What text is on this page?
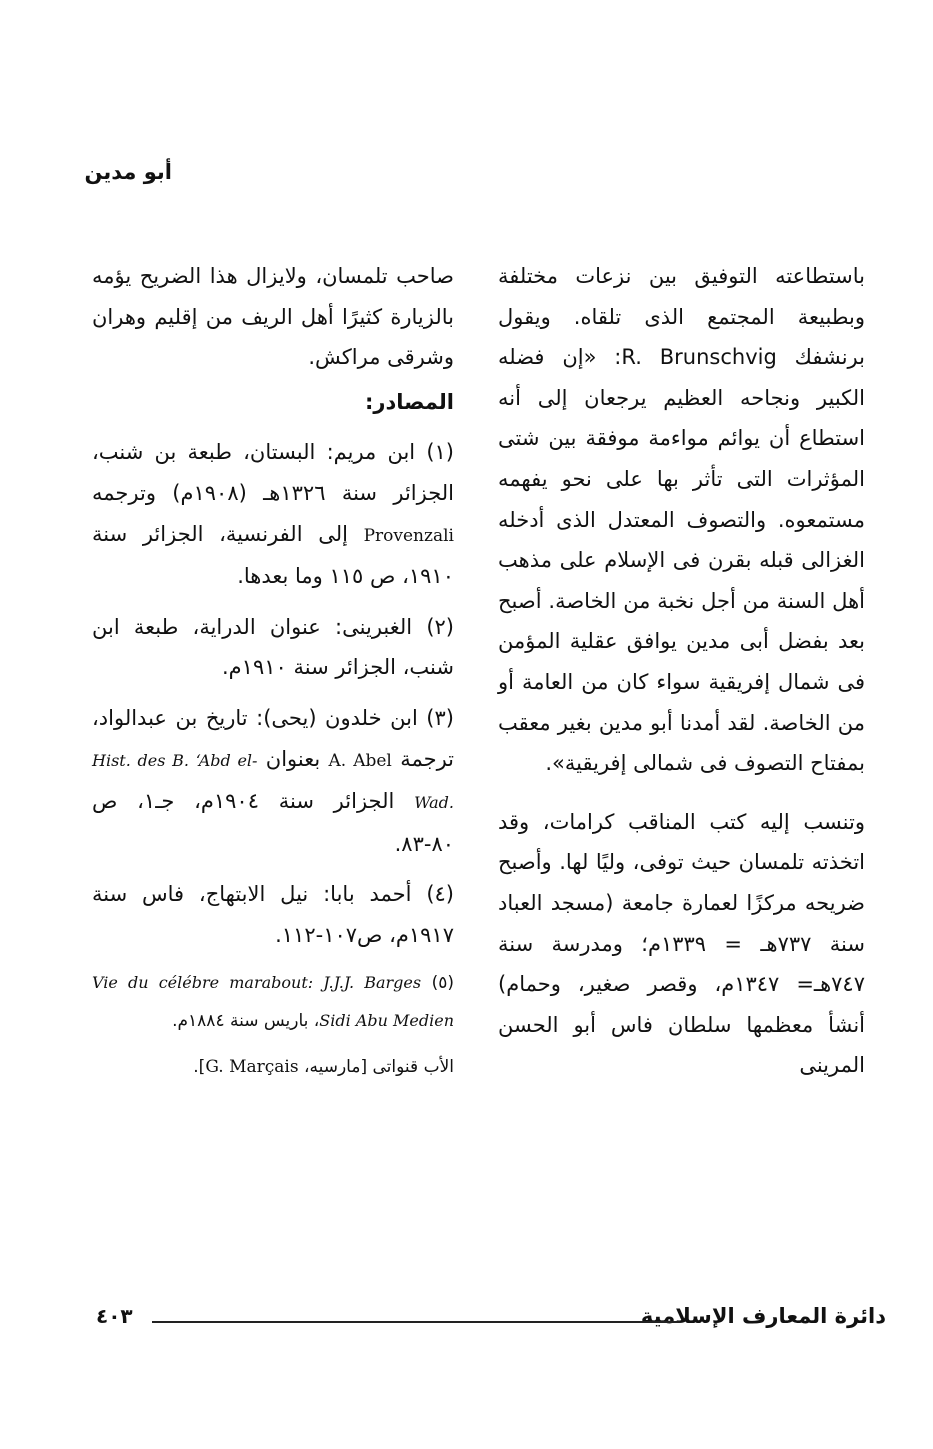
أبو مدين

باستطاعته التوفيق بين نزعات مختلفة وبطبيعة المجتمع الذى تلقاه. ويقول برنشفك R. Brunschvig: «إن فضله الكبير ونجاحه العظيم يرجعان إلى أنه استطاع أن يوائم مواءمة موفقة بين شتى المؤثرات التى تأثر بها على نحو يفهمه مستمعوه. والتصوف المعتدل الذى أدخله الغزالى قبله بقرن فى الإسلام على مذهب أهل السنة من أجل نخبة من الخاصة. أصبح بعد بفضل أبى مدين يوافق عقلية المؤمن فى شمال إفريقية سواء كان من العامة أو من الخاصة. لقد أمدنا أبو مدين بغير معقب بمفتاح التصوف فى شمالى إفريقية».

وتنسب إليه كتب المناقب كرامات، وقد اتخذته تلمسان حيث توفى، وليًا لها. وأصبح ضريحه مركزًا لعمارة جامعة (مسجد العباد سنة ٧٣٧هـ = ١٣٣٩م؛ ومدرسة سنة ٧٤٧هـ= ١٣٤٧م، وقصر صغير، وحمام) أنشأ معظمها سلطان فاس أبو الحسن المرينى

صاحب تلمسان، ولايزال هذا الضريح يؤمه بالزيارة كثيرًا أهل الريف من إقليم وهران وشرقى مراكش.

المصادر:

(١) ابن مريم: البستان، طبعة بن شنب، الجزائر سنة ١٣٢٦هـ (١٩٠٨م) وترجمه Provenzali إلى الفرنسية، الجزائر سنة ١٩١٠، ص ١١٥ وما بعدها.

(٢) الغبرينى: عنوان الدراية، طبعة ابن شنب، الجزائر سنة ١٩١٠م.

(٣) ابن خلدون (يحى): تاريخ بن عبدالواد، ترجمة A. Abel بعنوان Hist. des B. ‘Abd el-Wad. الجزائر سنة ١٩٠٤م، جـ١، ص ٨٠-٨٣.

(٤) أحمد بابا: نيل الابتهاج، فاس سنة ١٩١٧م، ص١٠٧-١١٢.

(٥) Vie du célébre marabout: J.J.J. Barges Sidi Abu Medien، باريس سنة ١٨٨٤م.

الأب قنواتى [مارسيه، G. Marçais].

دائرة المعارف الإسلامية
٤٠٣
